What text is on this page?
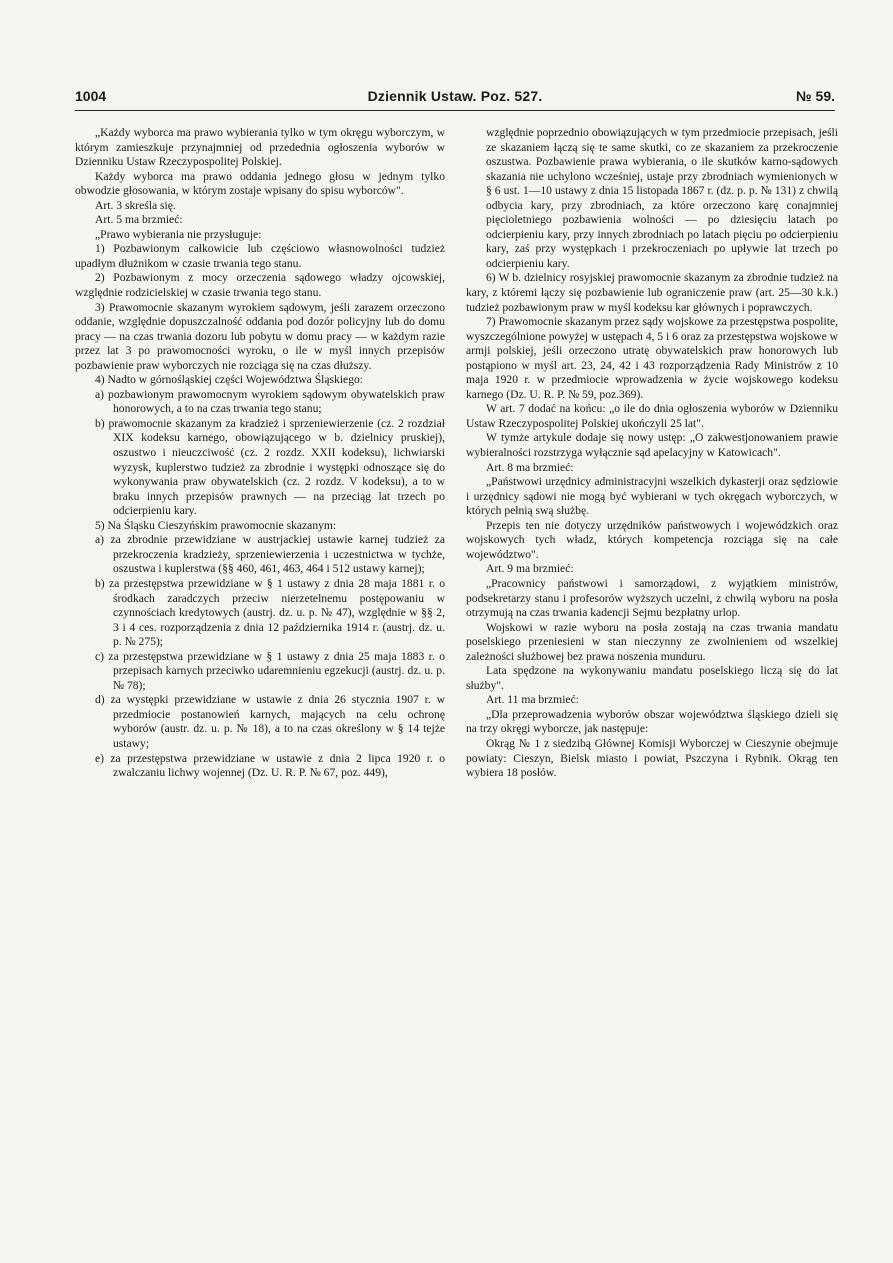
1004	Dziennik Ustaw. Poz. 527.	№ 59.

„Każdy wyborca ma prawo wybierania tylko w tym okręgu wyborczym, w którym zamieszkuje przynajmniej od przedednia ogłoszenia wyborów w Dzienniku Ustaw Rzeczypospolitej Polskiej.

Każdy wyborca ma prawo oddania jednego głosu w jednym tylko obwodzie głosowania, w którym zostaje wpisany do spisu wyborców".

Art. 3 skreśla się.

Art. 5 ma brzmieć:

„Prawo wybierania nie przysługuje:

1) Pozbawionym całkowicie lub częściowo własnowolności tudzież upadłym dłużnikom w czasie trwania tego stanu.

2) Pozbawionym z mocy orzeczenia sądowego władzy ojcowskiej, względnie rodzicielskiej w czasie trwania tego stanu.

3) Prawomocnie skazanym wyrokiem sądowym, jeśli zarazem orzeczono oddanie, względnie dopuszczalność oddania pod dozór policyjny lub do domu pracy — na czas trwania dozoru lub pobytu w domu pracy — w każdym razie przez lat 3 po prawomocności wyroku, o ile w myśl innych przepisów pozbawienie praw wyborczych nie rozciąga się na czas dłuższy.

4) Nadto w górnośląskiej części Województwa Śląskiego:

a) pozbawionym prawomocnym wyrokiem sądowym obywatelskich praw honorowych, a to na czas trwania tego stanu;

b) prawomocnie skazanym za kradzież i sprzeniewierzenie (cz. 2 rozdział XIX kodeksu karnego, obowiązującego w b. dzielnicy pruskiej), oszustwo i nieuczciwość (cz. 2 rozdz. XXII kodeksu), lichwiarski wyzysk, kuplerstwo tudzież za zbrodnie i występki odnoszące się do wykonywania praw obywatelskich (cz. 2 rozdz. V kodeksu), a to w braku innych przepisów prawnych — na przeciąg lat trzech po odcierpieniu kary.

5) Na Śląsku Cieszyńskim prawomocnie skazanym:

a) za zbrodnie przewidziane w austrjackiej ustawie karnej tudzież za przekroczenia kradzieży, sprzeniewierzenia i uczestnictwa w tychże, oszustwa i kuplerstwa (§§ 460, 461, 463, 464 i 512 ustawy karnej);

b) za przestępstwa przewidziane w § 1 ustawy z dnia 28 maja 1881 r. o środkach zaradczych przeciw nierzetelnemu postępowaniu w czynnościach kredytowych (austrj. dz. u. p. № 47), względnie w §§ 2, 3 i 4 ces. rozporządzenia z dnia 12 października 1914 r. (austrj. dz. u. p. № 275);

c) za przestępstwa przewidziane w § 1 ustawy z dnia 25 maja 1883 r. o przepisach karnych przeciwko udaremnieniu egzekucji (austrj. dz. u. p. № 78);

d) za występki przewidziane w ustawie z dnia 26 stycznia 1907 r. w przedmiocie postanowień karnych, mających na celu ochronę wyborów (austr. dz. u. p. № 18), a to na czas określony w § 14 tejże ustawy;

e) za przestępstwa przewidziane w ustawie z dnia 2 lipca 1920 r. o zwalczaniu lichwy wojennej (Dz. U. R. P. № 67, poz. 449),

względnie poprzednio obowiązujących w tym przedmiocie przepisach, jeśli ze skazaniem łączą się te same skutki, co ze skazaniem za przekroczenie oszustwa. Pozbawienie prawa wybierania, o ile skutków karno-sądowych skazania nie uchylono wcześniej, ustaje przy zbrodniach wymienionych w § 6 ust. 1—10 ustawy z dnia 15 listopada 1867 r. (dz. p. p. № 131) z chwilą odbycia kary, przy zbrodniach, za które orzeczono karę conajmniej pięcioletniego pozbawienia wolności — po dziesięciu latach po odcierpieniu kary, przy innych zbrodniach po latach pięciu po odcierpieniu kary, zaś przy występkach i przekroczeniach po upływie lat trzech po odcierpieniu kary.

6) W b. dzielnicy rosyjskiej prawomocnie skazanym za zbrodnie tudzież na kary, z któremi łączy się pozbawienie lub ograniczenie praw (art. 25—30 k.k.) tudzież pozbawionym praw w myśl kodeksu kar głównych i poprawczych.

7) Prawomocnie skazanym przez sądy wojskowe za przestępstwa pospolite, wyszczególnione powyżej w ustępach 4, 5 i 6 oraz za przestępstwa wojskowe w armji polskiej, jeśli orzeczono utratę obywatelskich praw honorowych lub postąpiono w myśl art. 23, 24, 42 i 43 rozporządzenia Rady Ministrów z 10 maja 1920 r. w przedmiocie wprowadzenia w życie wojskowego kodeksu karnego (Dz. U. R. P. № 59, poz.369).

W art. 7 dodać na końcu: „o ile do dnia ogłoszenia wyborów w Dzienniku Ustaw Rzeczypospolitej Polskiej ukończyli 25 lat".

W tymże artykule dodaje się nowy ustęp: „O zakwestjonowaniem prawie wybieralności rozstrzyga wyłącznie sąd apelacyjny w Katowicach".

Art. 8 ma brzmieć:

„Państwowi urzędnicy administracyjni wszelkich dykasterji oraz sędziowie i urzędnicy sądowi nie mogą być wybierani w tych okręgach wyborczych, w których pełnią swą służbę.

Przepis ten nie dotyczy urzędników państwowych i wojewódzkich oraz wojskowych tych władz, których kompetencja rozciąga się na całe województwo".

Art. 9 ma brzmieć:

„Pracownicy państwowi i samorządowi, z wyjątkiem ministrów, podsekretarzy stanu i profesorów wyższych uczelni, z chwilą wyboru na posła otrzymują na czas trwania kadencji Sejmu bezpłatny urlop.

Wojskowi w razie wyboru na posła zostają na czas trwania mandatu poselskiego przeniesieni w stan nieczynny ze zwolnieniem od wszelkiej zależności służbowej bez prawa noszenia munduru.

Lata spędzone na wykonywaniu mandatu poselskiego liczą się do lat służby".

Art. 11 ma brzmieć:

„Dla przeprowadzenia wyborów obszar województwa śląskiego dzieli się na trzy okręgi wyborcze, jak następuje:

Okrąg № 1 z siedzibą Głównej Komisji Wyborczej w Cieszynie obejmuje powiaty: Cieszyn, Bielsk miasto i powiat, Pszczyna i Rybnik. Okrąg ten wybiera 18 posłów.
